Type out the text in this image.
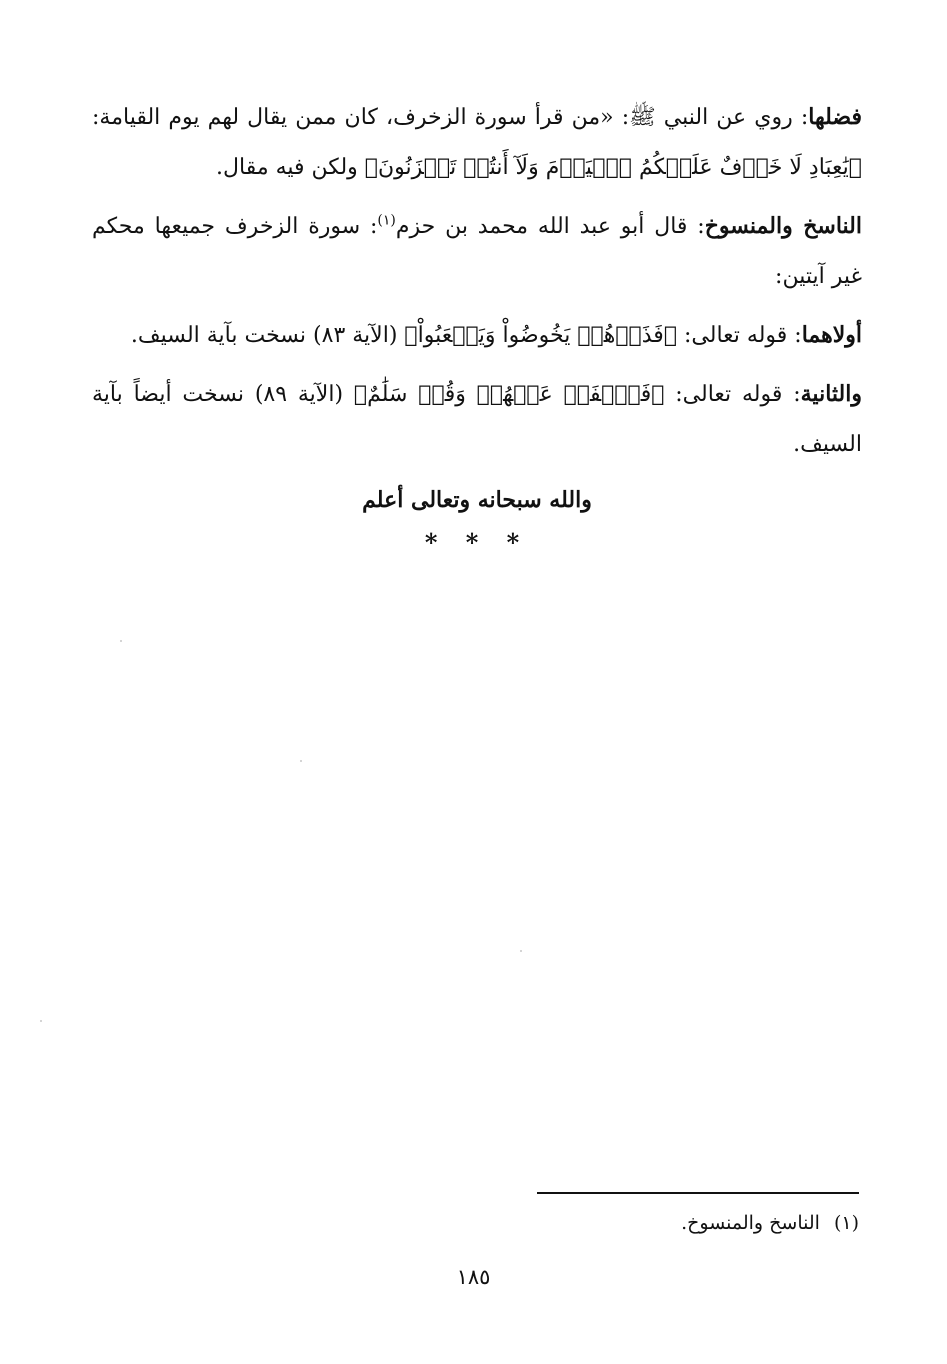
فضلها: روي عن النبي ﷺ: «من قرأ سورة الزخرف، كان ممن يقال لهم يوم القيامة: ﴿يَٰعِبَادِ لَا خَوۡفٌ عَلَيۡكُمُ ٱلۡيَوۡمَ وَلَآ أَنتُمۡ تَحۡزَنُونَ﴾ ولكن فيه مقال.

الناسخ والمنسوخ: قال أبو عبد الله محمد بن حزم$^{(١)}$: سورة الزخرف جميعها محكم غير آيتين:

أولاهما: قوله تعالى: ﴿فَذَرۡهُمۡ يَخُوضُواْ وَيَلۡعَبُواْ﴾ (الآية ٨٣) نسخت بآية السيف.

والثانية: قوله تعالى: ﴿فَٱصۡفَحۡ عَنۡهُمۡ وَقُلۡ سَلَٰمٌ﴾ (الآية ٨٩) نسخت أيضاً بآية السيف.

والله سبحانه وتعالى أعلم
* * *
(١)الناسخ والمنسوخ.
١٨٥
